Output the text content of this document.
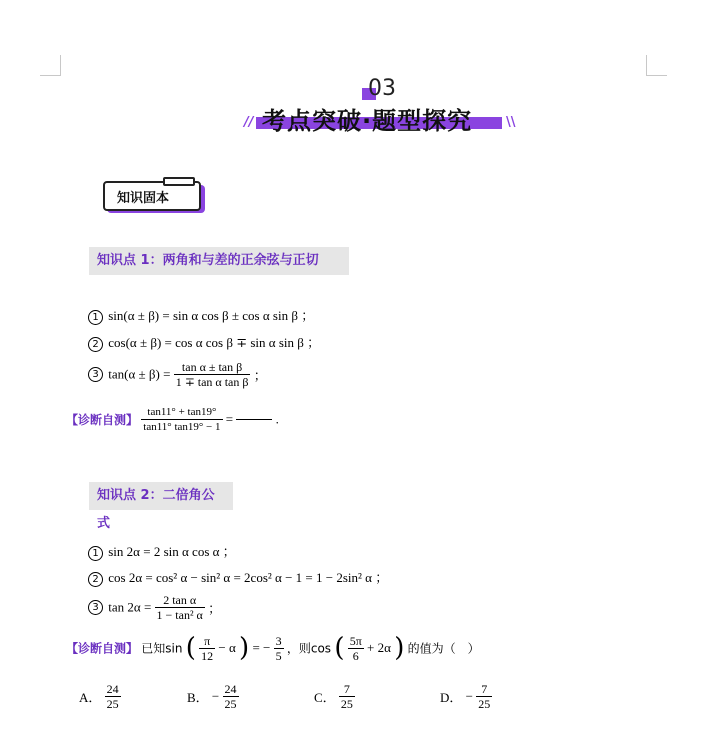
03
考点突破·题型探究
//	\\
知识固本
知识点 1：两角和与差的正余弦与正切
1 sin(α ± β) = sin α cos β ± cos α sin β ；
2 cos(α ± β) = cos α cos β ∓ sin α sin β ；
3 $\tan(\alpha \pm \beta) = \frac{\text{tan α ± tan β}}{\text{1 ∓ tan α tan β}}$ ；
【诊断自测】 $\frac{\tan 11^\circ + \tan 19^\circ}{\tan 11^\circ \tan 19^\circ - 1}$ =	.
知识点 2：二倍角公式
1 sin 2α = 2 sin α cos α ；
2 cos 2α = cos² α − sin² α = 2cos² α − 1 = 1 − 2sin² α ；
3 $\tan 2\alpha = \frac{\text{2 tan α}}{\text{1 − tan² α}}$ ；
【诊断自测】 已知sin ( $\frac{\pi}{12} - \alpha$ ) = − $\frac{3}{5}$ ，则cos ( $\frac{5\pi}{6} + 2\alpha$ ) 的值为（　）
A． $\frac{24}{25}$	B． − $\frac{24}{25}$	C． $\frac{7}{25}$	D． − $\frac{7}{25}$
